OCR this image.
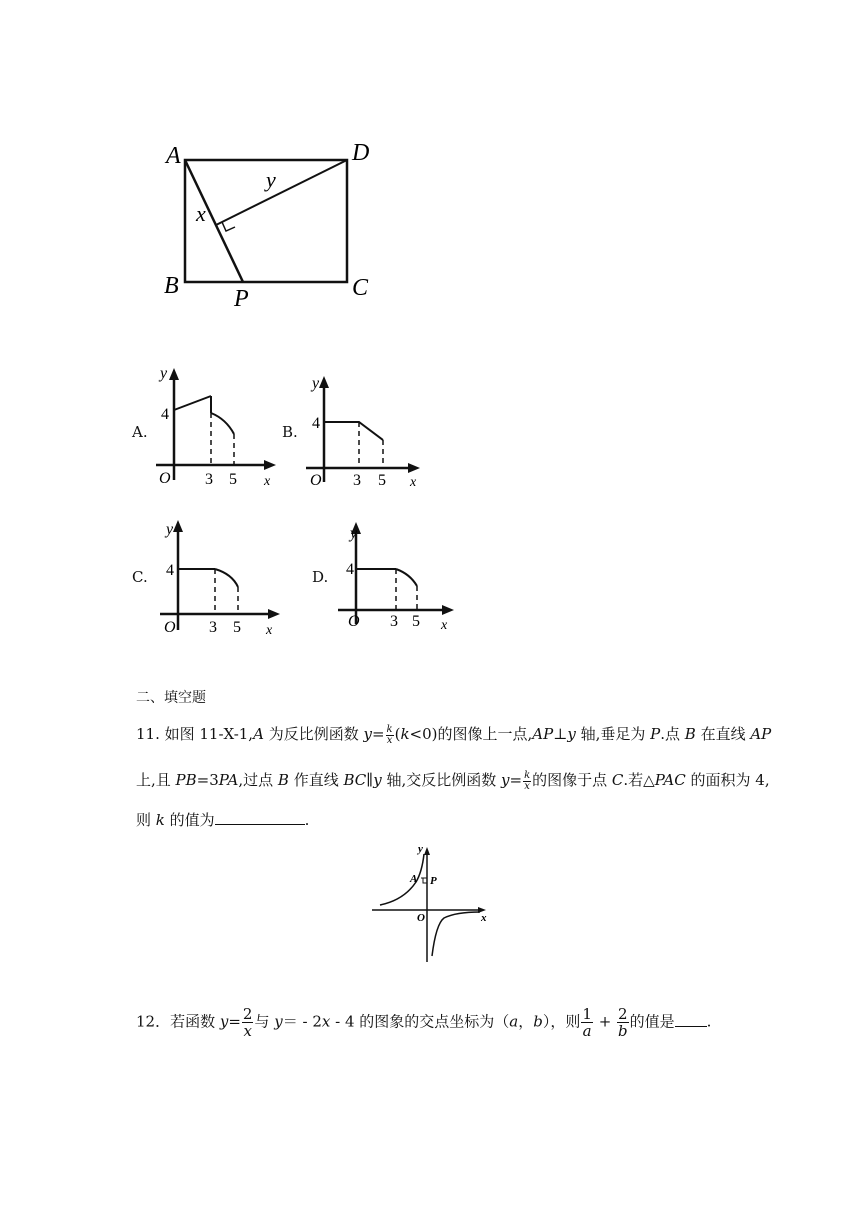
A	D
B	C
P
x
y
A.
y
4
O 3 5 x
B.
y
4
O 3 5 x
C.
y
4
O 3 5 x
D.
y
4
O 3 5 x
二、填空题
11. 如图 11-X-1,A 为反比例函数 $y= \frac{k}{x} (k<0)$的图像上一点,AP⊥y 轴,垂足为 P.点 B 在直线 AP
上,且 PB=3PA,过点 B 作直线 BC∥y 轴,交反比例函数 $y= \frac{k}{x}$ 的图像于点 C.若△PAC 的面积为 4,
则 k 的值为	.
y
A P
O	x
12．若函数 $y= \frac{2}{x}$ 与 y＝ - 2x - 4 的图象的交点坐标为（a，b），则 $\frac{1}{a} + \frac{2}{b}$ 的值是 .
